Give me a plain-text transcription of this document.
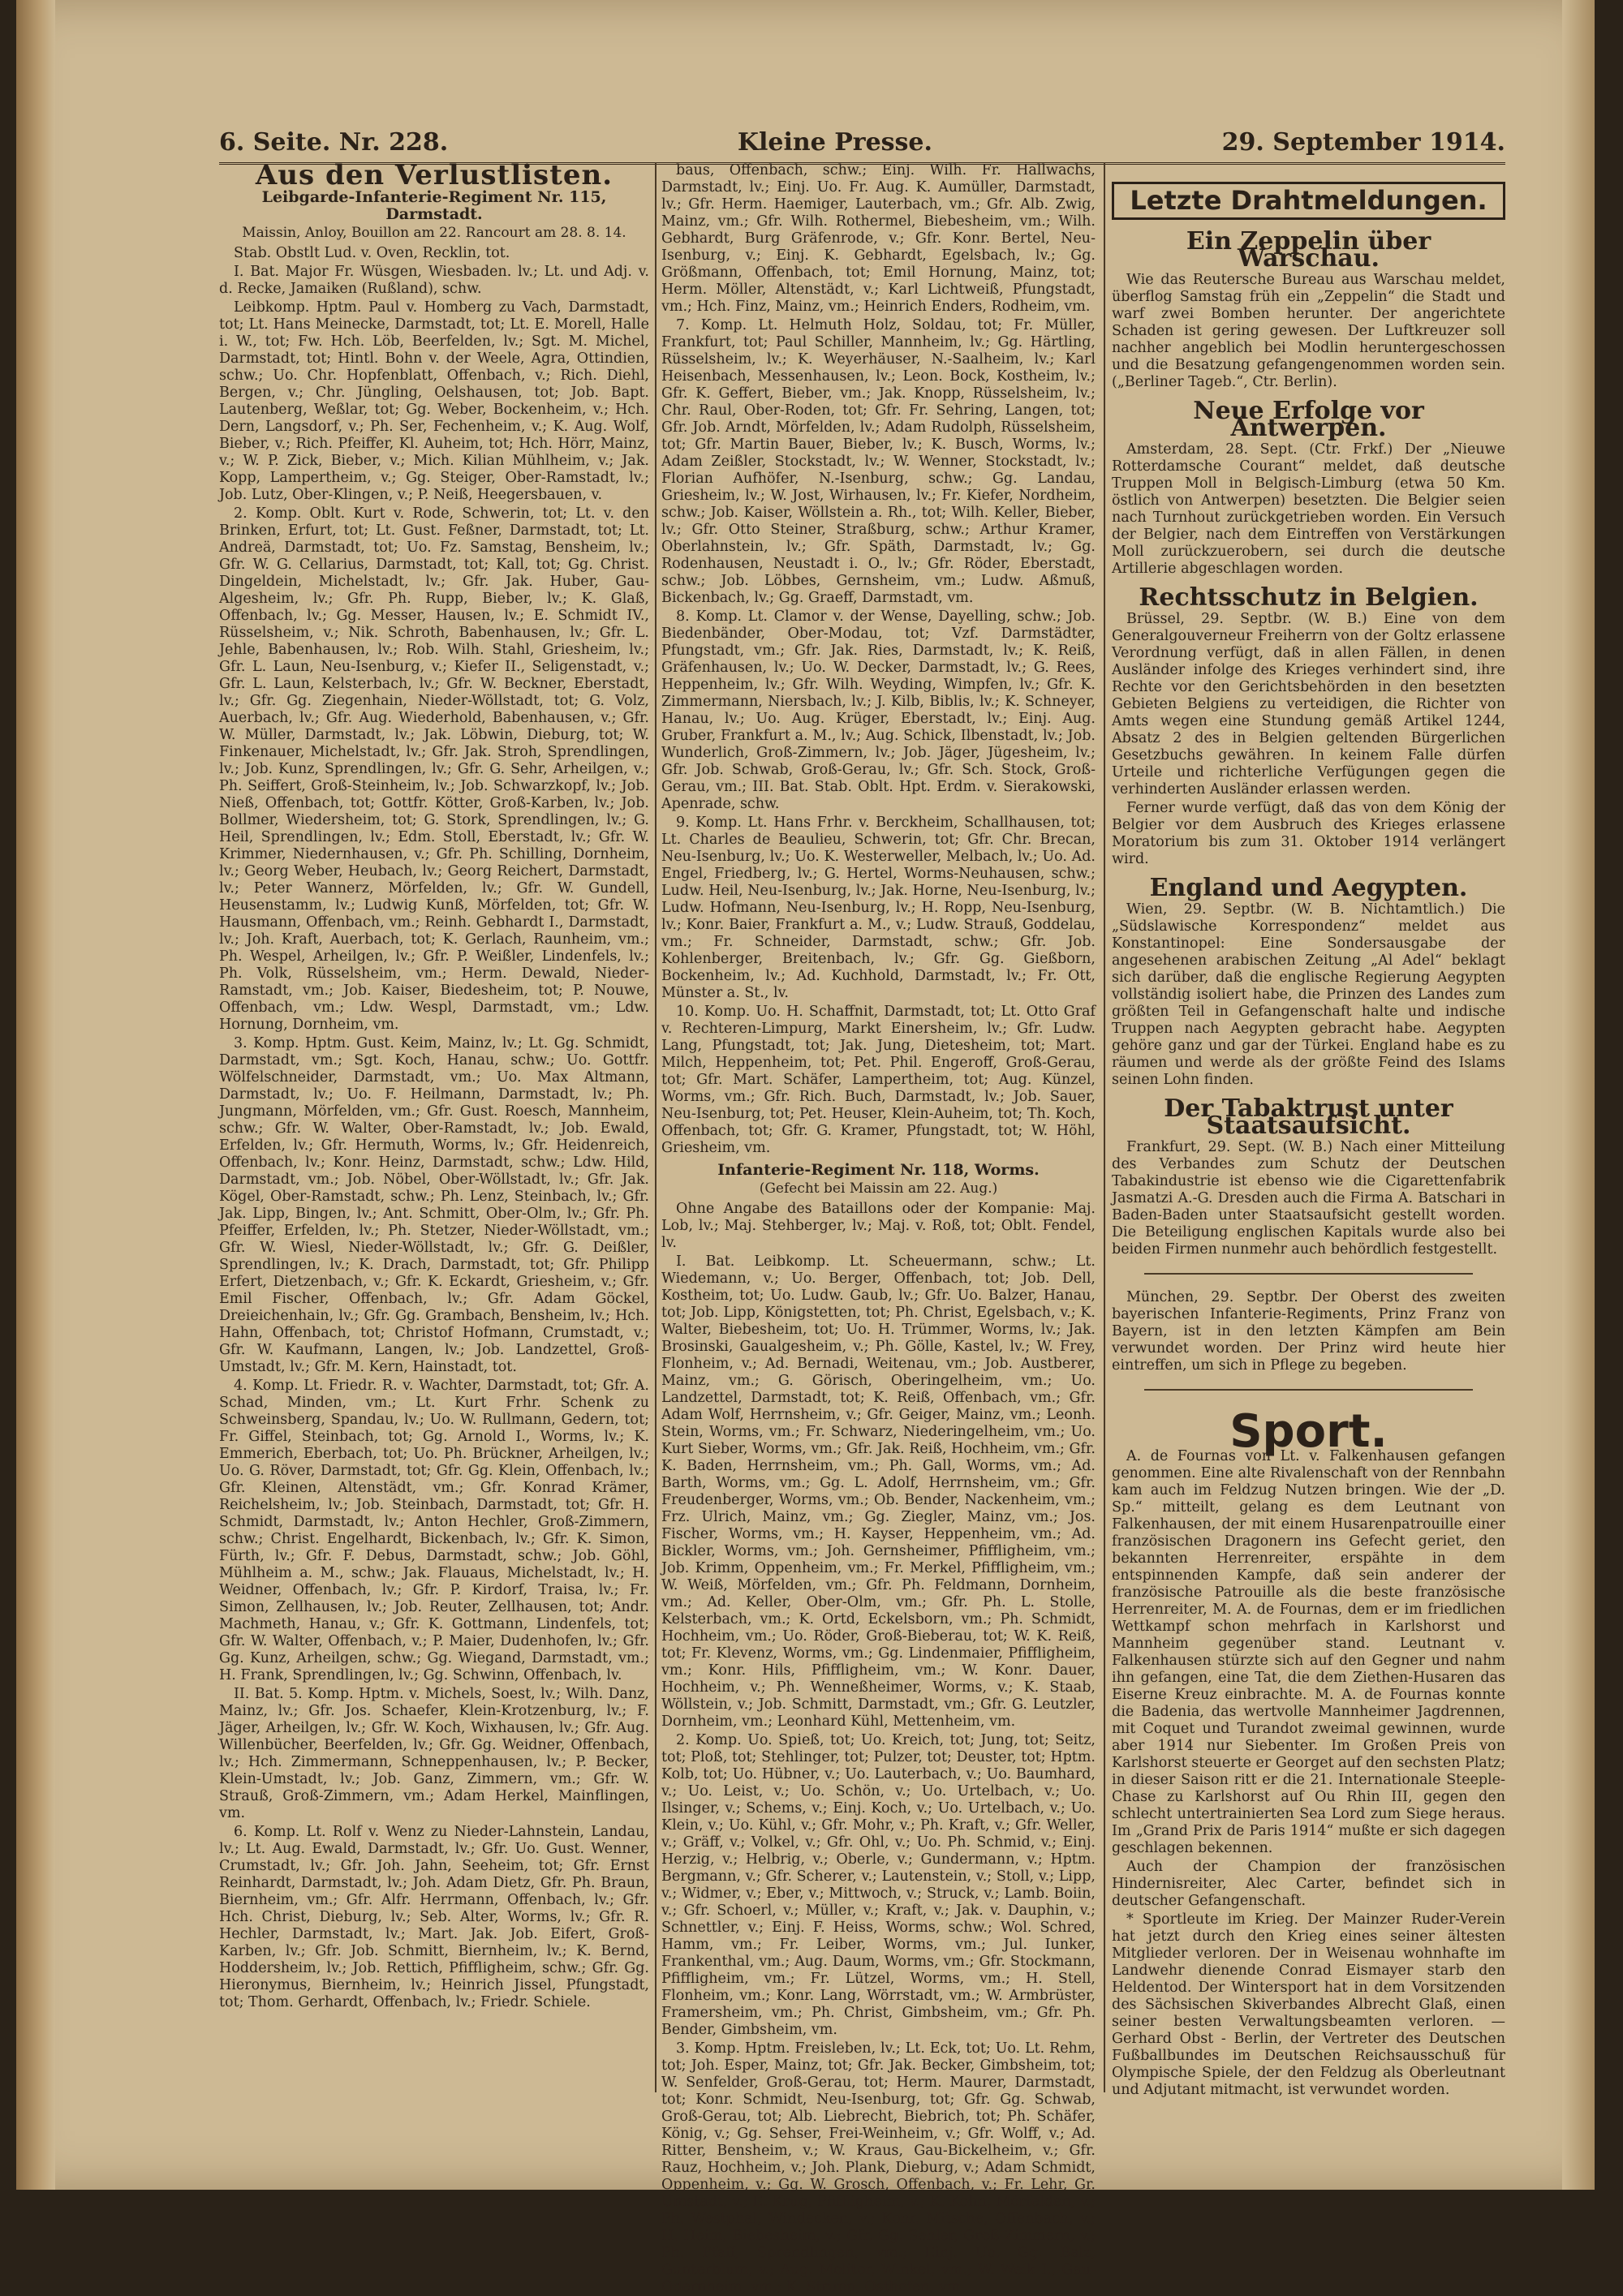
6. Seite. Nr. 228.	Kleine Presse.	29. September 1914.
Aus den Verlustlisten.
Leibgarde-Infanterie-Regiment Nr. 115, Darmstadt.
Maissin, Anloy, Bouillon am 22. Rancourt am 28. 8. 14.

Stab. Obstlt Lud. v. Oven, Recklin, tot.

I. Bat. Major Fr. Wüsgen, Wiesbaden. lv.; Lt. und Adj. v. d. Recke, Jamaiken (Rußland), schw.

Leibkomp. Hptm. Paul v. Homberg zu Vach, Darmstadt, tot; Lt. Hans Meinecke, Darmstadt, tot; Lt. E. Morell, Halle i. W., tot; Fw. Hch. Löb, Beerfelden, lv.; Sgt. M. Michel, Darmstadt, tot; Hintl. Bohn v. der Weele, Agra, Ottindien, schw.; Uo. Chr. Hopfenblatt, Offenbach, v.; Rich. Diehl, Bergen, v.; Chr. Jüngling, Oelshausen, tot; Job. Bapt. Lautenberg, Weßlar, tot; Gg. Weber, Bockenheim, v.; Hch. Dern, Langsdorf, v.; Ph. Ser, Fechenheim, v.; K. Aug. Wolf, Bieber, v.; Rich. Pfeiffer, Kl. Auheim, tot; Hch. Hörr, Mainz, v.; W. P. Zick, Bieber, v.; Mich. Kilian Mühlheim, v.; Jak. Kopp, Lampertheim, v.; Gg. Steiger, Ober-Ramstadt, lv.; Job. Lutz, Ober-Klingen, v.; P. Neiß, Heegersbauen, v.

2. Komp. Oblt. Kurt v. Rode, Schwerin, tot; Lt. v. den Brinken, Erfurt, tot; Lt. Gust. Feßner, Darmstadt, tot; Lt. Andreä, Darmstadt, tot; Uo. Fz. Samstag, Bensheim, lv.; Gfr. W. G. Cellarius, Darmstadt, tot; Kall, tot; Gg. Christ. Dingeldein, Michelstadt, lv.; Gfr. Jak. Huber, Gau-Algesheim, lv.; Gfr. Ph. Rupp, Bieber, lv.; K. Glaß, Offenbach, lv.; Gg. Messer, Hausen, lv.; E. Schmidt IV., Rüsselsheim, v.; Nik. Schroth, Babenhausen, lv.; Gfr. L. Jehle, Babenhausen, lv.; Rob. Wilh. Stahl, Griesheim, lv.; Gfr. L. Laun, Neu-Isenburg, v.; Kiefer II., Seligenstadt, v.; Gfr. L. Laun, Kelsterbach, lv.; Gfr. W. Beckner, Eberstadt, lv.; Gfr. Gg. Ziegenhain, Nieder-Wöllstadt, tot; G. Volz, Auerbach, lv.; Gfr. Aug. Wiederhold, Babenhausen, v.; Gfr. W. Müller, Darmstadt, lv.; Jak. Löbwin, Dieburg, tot; W. Finkenauer, Michelstadt, lv.; Gfr. Jak. Stroh, Sprendlingen, lv.; Job. Kunz, Sprendlingen, lv.; Gfr. G. Sehr, Arheilgen, v.; Ph. Seiffert, Groß-Steinheim, lv.; Job. Schwarzkopf, lv.; Job. Nieß, Offenbach, tot; Gottfr. Kötter, Groß-Karben, lv.; Job. Bollmer, Wiedersheim, tot; G. Stork, Sprendlingen, lv.; G. Heil, Sprendlingen, lv.; Edm. Stoll, Eberstadt, lv.; Gfr. W. Krimmer, Niedernhausen, v.; Gfr. Ph. Schilling, Dornheim, lv.; Georg Weber, Heubach, lv.; Georg Reichert, Darmstadt, lv.; Peter Wannerz, Mörfelden, lv.; Gfr. W. Gundell, Heusenstamm, lv.; Ludwig Kunß, Mörfelden, tot; Gfr. W. Hausmann, Offenbach, vm.; Reinh. Gebhardt I., Darmstadt, lv.; Joh. Kraft, Auerbach, tot; K. Gerlach, Raunheim, vm.; Ph. Wespel, Arheilgen, lv.; Gfr. P. Weißler, Lindenfels, lv.; Ph. Volk, Rüsselsheim, vm.; Herm. Dewald, Nieder-Ramstadt, vm.; Job. Kaiser, Biedesheim, tot; P. Nouwe, Offenbach, vm.; Ldw. Wespl, Darmstadt, vm.; Ldw. Hornung, Dornheim, vm.

3. Komp. Hptm. Gust. Keim, Mainz, lv.; Lt. Gg. Schmidt, Darmstadt, vm.; Sgt. Koch, Hanau, schw.; Uo. Gottfr. Wölfelschneider, Darmstadt, vm.; Uo. Max Altmann, Darmstadt, lv.; Uo. F. Heilmann, Darmstadt, lv.; Ph. Jungmann, Mörfelden, vm.; Gfr. Gust. Roesch, Mannheim, schw.; Gfr. W. Walter, Ober-Ramstadt, lv.; Job. Ewald, Erfelden, lv.; Gfr. Hermuth, Worms, lv.; Gfr. Heidenreich, Offenbach, lv.; Konr. Heinz, Darmstadt, schw.; Ldw. Hild, Darmstadt, vm.; Job. Nöbel, Ober-Wöllstadt, lv.; Gfr. Jak. Kögel, Ober-Ramstadt, schw.; Ph. Lenz, Steinbach, lv.; Gfr. Jak. Lipp, Bingen, lv.; Ant. Schmitt, Ober-Olm, lv.; Gfr. Ph. Pfeiffer, Erfelden, lv.; Ph. Stetzer, Nieder-Wöllstadt, vm.; Gfr. W. Wiesl, Nieder-Wöllstadt, lv.; Gfr. G. Deißler, Sprendlingen, lv.; K. Drach, Darmstadt, tot; Gfr. Philipp Erfert, Dietzenbach, v.; Gfr. K. Eckardt, Griesheim, v.; Gfr. Emil Fischer, Offenbach, lv.; Gfr. Adam Göckel, Dreieichenhain, lv.; Gfr. Gg. Grambach, Bensheim, lv.; Hch. Hahn, Offenbach, tot; Christof Hofmann, Crumstadt, v.; Gfr. W. Kaufmann, Langen, lv.; Job. Landzettel, Groß-Umstadt, lv.; Gfr. M. Kern, Hainstadt, tot.

4. Komp. Lt. Friedr. R. v. Wachter, Darmstadt, tot; Gfr. A. Schad, Minden, vm.; Lt. Kurt Frhr. Schenk zu Schweinsberg, Spandau, lv.; Uo. W. Rullmann, Gedern, tot; Fr. Giffel, Steinbach, tot; Gg. Arnold I., Worms, lv.; K. Emmerich, Eberbach, tot; Uo. Ph. Brückner, Arheilgen, lv.; Uo. G. Röver, Darmstadt, tot; Gfr. Gg. Klein, Offenbach, lv.; Gfr. Kleinen, Altenstädt, vm.; Gfr. Konrad Krämer, Reichelsheim, lv.; Job. Steinbach, Darmstadt, tot; Gfr. H. Schmidt, Darmstadt, lv.; Anton Hechler, Groß-Zimmern, schw.; Christ. Engelhardt, Bickenbach, lv.; Gfr. K. Simon, Fürth, lv.; Gfr. F. Debus, Darmstadt, schw.; Job. Göhl, Mühlheim a. M., schw.; Jak. Flauaus, Michelstadt, lv.; H. Weidner, Offenbach, lv.; Gfr. P. Kirdorf, Traisa, lv.; Fr. Simon, Zellhausen, lv.; Job. Reuter, Zellhausen, tot; Andr. Machmeth, Hanau, v.; Gfr. K. Gottmann, Lindenfels, tot; Gfr. W. Walter, Offenbach, v.; P. Maier, Dudenhofen, lv.; Gfr. Gg. Kunz, Arheilgen, schw.; Gg. Wiegand, Darmstadt, vm.; H. Frank, Sprendlingen, lv.; Gg. Schwinn, Offenbach, lv.

II. Bat. 5. Komp. Hptm. v. Michels, Soest, lv.; Wilh. Danz, Mainz, lv.; Gfr. Jos. Schaefer, Klein-Krotzenburg, lv.; F. Jäger, Arheilgen, lv.; Gfr. W. Koch, Wixhausen, lv.; Gfr. Aug. Willenbücher, Beerfelden, lv.; Gfr. Gg. Weidner, Offenbach, lv.; Hch. Zimmermann, Schneppenhausen, lv.; P. Becker, Klein-Umstadt, lv.; Job. Ganz, Zimmern, vm.; Gfr. W. Strauß, Groß-Zimmern, vm.; Adam Herkel, Mainflingen, vm.

6. Komp. Lt. Rolf v. Wenz zu Nieder-Lahnstein, Landau, lv.; Lt. Aug. Ewald, Darmstadt, lv.; Gfr. Uo. Gust. Wenner, Crumstadt, lv.; Gfr. Joh. Jahn, Seeheim, tot; Gfr. Ernst Reinhardt, Darmstadt, lv.; Joh. Adam Dietz, Gfr. Ph. Braun, Biernheim, vm.; Gfr. Alfr. Herrmann, Offenbach, lv.; Gfr. Hch. Christ, Dieburg, lv.; Seb. Alter, Worms, lv.; Gfr. R. Hechler, Darmstadt, lv.; Mart. Jak. Job. Eifert, Groß-Karben, lv.; Gfr. Job. Schmitt, Biernheim, lv.; K. Bernd, Hoddersheim, lv.; Job. Rettich, Pfiffligheim, schw.; Gfr. Gg. Hieronymus, Biernheim, lv.; Heinrich Jissel, Pfungstadt, tot; Thom. Gerhardt, Offenbach, lv.; Friedr. Schiele.

baus, Offenbach, schw.; Einj. Wilh. Fr. Hallwachs, Darmstadt, lv.; Einj. Uo. Fr. Aug. K. Aumüller, Darmstadt, lv.; Gfr. Herm. Haemiger, Lauterbach, vm.; Gfr. Alb. Zwig, Mainz, vm.; Gfr. Wilh. Rothermel, Biebesheim, vm.; Wilh. Gebhardt, Burg Gräfenrode, v.; Gfr. Konr. Bertel, Neu-Isenburg, v.; Einj. K. Gebhardt, Egelsbach, lv.; Gg. Größmann, Offenbach, tot; Emil Hornung, Mainz, tot; Herm. Möller, Altenstädt, v.; Karl Lichtweiß, Pfungstadt, vm.; Hch. Finz, Mainz, vm.; Heinrich Enders, Rodheim, vm.

7. Komp. Lt. Helmuth Holz, Soldau, tot; Fr. Müller, Frankfurt, tot; Paul Schiller, Mannheim, lv.; Gg. Härtling, Rüsselsheim, lv.; K. Weyerhäuser, N.-Saalheim, lv.; Karl Heisenbach, Messenhausen, lv.; Leon. Bock, Kostheim, lv.; Gfr. K. Geffert, Bieber, vm.; Jak. Knopp, Rüsselsheim, lv.; Chr. Raul, Ober-Roden, tot; Gfr. Fr. Sehring, Langen, tot; Gfr. Job. Arndt, Mörfelden, lv.; Adam Rudolph, Rüsselsheim, tot; Gfr. Martin Bauer, Bieber, lv.; K. Busch, Worms, lv.; Adam Zeißler, Stockstadt, lv.; W. Wenner, Stockstadt, lv.; Florian Aufhöfer, N.-Isenburg, schw.; Gg. Landau, Griesheim, lv.; W. Jost, Wirhausen, lv.; Fr. Kiefer, Nordheim, schw.; Job. Kaiser, Wöllstein a. Rh., tot; Wilh. Keller, Bieber, lv.; Gfr. Otto Steiner, Straßburg, schw.; Arthur Kramer, Oberlahnstein, lv.; Gfr. Späth, Darmstadt, lv.; Gg. Rodenhausen, Neustadt i. O., lv.; Gfr. Röder, Eberstadt, schw.; Job. Löbbes, Gernsheim, vm.; Ludw. Aßmuß, Bickenbach, lv.; Gg. Graeff, Darmstadt, vm.

8. Komp. Lt. Clamor v. der Wense, Dayelling, schw.; Job. Biedenbänder, Ober-Modau, tot; Vzf. Darmstädter, Pfungstadt, vm.; Gfr. Jak. Ries, Darmstadt, lv.; K. Reiß, Gräfenhausen, lv.; Uo. W. Decker, Darmstadt, lv.; G. Rees, Heppenheim, lv.; Gfr. Wilh. Weyding, Wimpfen, lv.; Gfr. K. Zimmermann, Niersbach, lv.; J. Kilb, Biblis, lv.; K. Schneyer, Hanau, lv.; Uo. Aug. Krüger, Eberstadt, lv.; Einj. Aug. Gruber, Frankfurt a. M., lv.; Aug. Schick, Ilbenstadt, lv.; Job. Wunderlich, Groß-Zimmern, lv.; Job. Jäger, Jügesheim, lv.; Gfr. Job. Schwab, Groß-Gerau, lv.; Gfr. Sch. Stock, Groß-Gerau, vm.; III. Bat. Stab. Oblt. Hpt. Erdm. v. Sierakowski, Apenrade, schw.

9. Komp. Lt. Hans Frhr. v. Berckheim, Schallhausen, tot; Lt. Charles de Beaulieu, Schwerin, tot; Gfr. Chr. Brecan, Neu-Isenburg, lv.; Uo. K. Westerweller, Melbach, lv.; Uo. Ad. Engel, Friedberg, lv.; G. Hertel, Worms-Neuhausen, schw.; Ludw. Heil, Neu-Isenburg, lv.; Jak. Horne, Neu-Isenburg, lv.; Ludw. Hofmann, Neu-Isenburg, lv.; H. Ropp, Neu-Isenburg, lv.; Konr. Baier, Frankfurt a. M., v.; Ludw. Strauß, Goddelau, vm.; Fr. Schneider, Darmstadt, schw.; Gfr. Job. Kohlenberger, Breitenbach, lv.; Gfr. Gg. Gießborn, Bockenheim, lv.; Ad. Kuchhold, Darmstadt, lv.; Fr. Ott, Münster a. St., lv.

10. Komp. Uo. H. Schaffnit, Darmstadt, tot; Lt. Otto Graf v. Rechteren-Limpurg, Markt Einersheim, lv.; Gfr. Ludw. Lang, Pfungstadt, tot; Jak. Jung, Dietesheim, tot; Mart. Milch, Heppenheim, tot; Pet. Phil. Engeroff, Groß-Gerau, tot; Gfr. Mart. Schäfer, Lampertheim, tot; Aug. Künzel, Worms, vm.; Gfr. Rich. Buch, Darmstadt, lv.; Job. Sauer, Neu-Isenburg, tot; Pet. Heuser, Klein-Auheim, tot; Th. Koch, Offenbach, tot; Gfr. G. Kramer, Pfungstadt, tot; W. Höhl, Griesheim, vm.

Infanterie-Regiment Nr. 118, Worms.
(Gefecht bei Maissin am 22. Aug.)

Ohne Angabe des Bataillons oder der Kompanie: Maj. Lob, lv.; Maj. Stehberger, lv.; Maj. v. Roß, tot; Oblt. Fendel, lv.

I. Bat. Leibkomp. Lt. Scheuermann, schw.; Lt. Wiedemann, v.; Uo. Berger, Offenbach, tot; Job. Dell, Kostheim, tot; Uo. Ludw. Gaub, lv.; Gfr. Uo. Balzer, Hanau, tot; Job. Lipp, Königstetten, tot; Ph. Christ, Egelsbach, v.; K. Walter, Biebesheim, tot; Uo. H. Trümmer, Worms, lv.; Jak. Brosinski, Gaualgesheim, v.; Ph. Gölle, Kastel, lv.; W. Frey, Flonheim, v.; Ad. Bernadi, Weitenau, vm.; Job. Austberer, Mainz, vm.; G. Görisch, Oberingelheim, vm.; Uo. Landzettel, Darmstadt, tot; K. Reiß, Offenbach, vm.; Gfr. Adam Wolf, Herrnsheim, v.; Gfr. Geiger, Mainz, vm.; Leonh. Stein, Worms, vm.; Fr. Schwarz, Niederingelheim, vm.; Uo. Kurt Sieber, Worms, vm.; Gfr. Jak. Reiß, Hochheim, vm.; Gfr. K. Baden, Herrnsheim, vm.; Ph. Gall, Worms, vm.; Ad. Barth, Worms, vm.; Gg. L. Adolf, Herrnsheim, vm.; Gfr. Freudenberger, Worms, vm.; Ob. Bender, Nackenheim, vm.; Frz. Ulrich, Mainz, vm.; Gg. Ziegler, Mainz, vm.; Jos. Fischer, Worms, vm.; H. Kayser, Heppenheim, vm.; Ad. Bickler, Worms, vm.; Joh. Gernsheimer, Pfiffligheim, vm.; Job. Krimm, Oppenheim, vm.; Fr. Merkel, Pfiffligheim, vm.; W. Weiß, Mörfelden, vm.; Gfr. Ph. Feldmann, Dornheim, vm.; Ad. Keller, Ober-Olm, vm.; Gfr. Ph. L. Stolle, Kelsterbach, vm.; K. Ortd, Eckelsborn, vm.; Ph. Schmidt, Hochheim, vm.; Uo. Röder, Groß-Bieberau, tot; W. K. Reiß, tot; Fr. Klevenz, Worms, vm.; Gg. Lindenmaier, Pfiffligheim, vm.; Konr. Hils, Pfiffligheim, vm.; W. Konr. Dauer, Hochheim, v.; Ph. Wenneßheimer, Worms, v.; K. Staab, Wöllstein, v.; Job. Schmitt, Darmstadt, vm.; Gfr. G. Leutzler, Dornheim, vm.; Leonhard Kühl, Mettenheim, vm.

2. Komp. Uo. Spieß, tot; Uo. Kreich, tot; Jung, tot; Seitz, tot; Ploß, tot; Stehlinger, tot; Pulzer, tot; Deuster, tot; Hptm. Kolb, tot; Uo. Hübner, v.; Uo. Lauterbach, v.; Uo. Baumhard, v.; Uo. Leist, v.; Uo. Schön, v.; Uo. Urtelbach, v.; Uo. Ilsinger, v.; Schems, v.; Einj. Koch, v.; Uo. Urtelbach, v.; Uo. Klein, v.; Uo. Kühl, v.; Gfr. Mohr, v.; Ph. Kraft, v.; Gfr. Weller, v.; Gräff, v.; Volkel, v.; Gfr. Ohl, v.; Uo. Ph. Schmid, v.; Einj. Herzig, v.; Helbrig, v.; Oberle, v.; Gundermann, v.; Hptm. Bergmann, v.; Gfr. Scherer, v.; Lautenstein, v.; Stoll, v.; Lipp, v.; Widmer, v.; Eber, v.; Mittwoch, v.; Struck, v.; Lamb. Boiin, v.; Gfr. Schoerl, v.; Müller, v.; Kraft, v.; Jak. v. Dauphin, v.; Schnettler, v.; Einj. F. Heiss, Worms, schw.; Wol. Schred, Hamm, vm.; Fr. Leiber, Worms, vm.; Jul. Iunker, Frankenthal, vm.; Aug. Daum, Worms, vm.; Gfr. Stockmann, Pfiffligheim, vm.; Fr. Lützel, Worms, vm.; H. Stell, Flonheim, vm.; Konr. Lang, Wörrstadt, vm.; W. Armbrüster, Framersheim, vm.; Ph. Christ, Gimbsheim, vm.; Gfr. Ph. Bender, Gimbsheim, vm.

3. Komp. Hptm. Freisleben, lv.; Lt. Eck, tot; Uo. Lt. Rehm, tot; Joh. Esper, Mainz, tot; Gfr. Jak. Becker, Gimbsheim, tot; W. Senfelder, Groß-Gerau, tot; Herm. Maurer, Darmstadt, tot; Konr. Schmidt, Neu-Isenburg, tot; Gfr. Gg. Schwab, Groß-Gerau, tot; Alb. Liebrecht, Biebrich, tot; Ph. Schäfer, König, v.; Gg. Sehser, Frei-Weinheim, v.; Gfr. Wolff, v.; Ad. Ritter, Bensheim, v.; W. Kraus, Gau-Bickelheim, v.; Gfr. Rauz, Hochheim, v.; Joh. Plank, Dieburg, v.; Adam Schmidt, Oppenheim, v.; Gg. W. Grosch, Offenbach, v.; Fr. Lehr, Gr. Umstadt, v.; E. Krug, Pfiffligheim, v.; K. Kohn, Mörfelden, v.; Ph. Westphal, Windecken, v.; Konr. Mitsche, Offenbach, v.; H. Heim, Biebesheim, v.; Gfr. Gg. Sehler, Groß-Zimmern, v.; Ph. Pfaff, Sprendlingen, vm.; Einj. Uo. Gg. Balz, Gunterblum, v.; Aug. Molitor, Winkel, vm.; W. Weik I., Gau-Odernheim, vm.; K. Strupp, Osthofen, vm.

Letzte Drahtmeldungen.
Ein Zeppelin über Warschau.

Wie das Reutersche Bureau aus Warschau meldet, überflog Samstag früh ein „Zeppelin“ die Stadt und warf zwei Bomben herunter. Der angerichtete Schaden ist gering gewesen. Der Luftkreuzer soll nachher angeblich bei Modlin heruntergeschossen und die Besatzung gefangengenommen worden sein. („Berliner Tageb.“, Ctr. Berlin).

Neue Erfolge vor Antwerpen.

Amsterdam, 28. Sept. (Ctr. Frkf.) Der „Nieuwe Rotterdamsche Courant“ meldet, daß deutsche Truppen Moll in Belgisch-Limburg (etwa 50 Km. östlich von Antwerpen) besetzten. Die Belgier seien nach Turnhout zurückgetrieben worden. Ein Versuch der Belgier, nach dem Eintreffen von Verstärkungen Moll zurückzuerobern, sei durch die deutsche Artillerie abgeschlagen worden.

Rechtsschutz in Belgien.

Brüssel, 29. Septbr. (W. B.) Eine von dem Generalgouverneur Freiherrn von der Goltz erlassene Verordnung verfügt, daß in allen Fällen, in denen Ausländer infolge des Krieges verhindert sind, ihre Rechte vor den Gerichtsbehörden in den besetzten Gebieten Belgiens zu verteidigen, die Richter von Amts wegen eine Stundung gemäß Artikel 1244, Absatz 2 des in Belgien geltenden Bürgerlichen Gesetzbuchs gewähren. In keinem Falle dürfen Urteile und richterliche Verfügungen gegen die verhinderten Ausländer erlassen werden.

Ferner wurde verfügt, daß das von dem König der Belgier vor dem Ausbruch des Krieges erlassene Moratorium bis zum 31. Oktober 1914 verlängert wird.

England und Aegypten.

Wien, 29. Septbr. (W. B. Nichtamtlich.) Die „Südslawische Korrespondenz“ meldet aus Konstantinopel: Eine Sondersausgabe der angesehenen arabischen Zeitung „Al Adel“ beklagt sich darüber, daß die englische Regierung Aegypten vollständig isoliert habe, die Prinzen des Landes zum größten Teil in Gefangenschaft halte und indische Truppen nach Aegypten gebracht habe. Aegypten gehöre ganz und gar der Türkei. England habe es zu räumen und werde als der größte Feind des Islams seinen Lohn finden.

Der Tabaktrust unter Staatsaufsicht.

Frankfurt, 29. Sept. (W. B.) Nach einer Mitteilung des Verbandes zum Schutz der Deutschen Tabakindustrie ist ebenso wie die Cigarettenfabrik Jasmatzi A.-G. Dresden auch die Firma A. Batschari in Baden-Baden unter Staatsaufsicht gestellt worden. Die Beteiligung englischen Kapitals wurde also bei beiden Firmen nunmehr auch behördlich festgestellt.

München, 29. Septbr. Der Oberst des zweiten bayerischen Infanterie-Regiments, Prinz Franz von Bayern, ist in den letzten Kämpfen am Bein verwundet worden. Der Prinz wird heute hier eintreffen, um sich in Pflege zu begeben.

Sport.

A. de Fournas von Lt. v. Falkenhausen gefangen genommen. Eine alte Rivalenschaft von der Rennbahn kam auch im Feldzug Nutzen bringen. Wie der „D. Sp.“ mitteilt, gelang es dem Leutnant von Falkenhausen, der mit einem Husarenpatrouille einer französischen Dragonern ins Gefecht geriet, den bekannten Herrenreiter, erspähte in dem entspinnenden Kampfe, daß sein anderer der französische Patrouille als die beste französische Herrenreiter, M. A. de Fournas, dem er im friedlichen Wettkampf schon mehrfach in Karlshorst und Mannheim gegenüber stand. Leutnant v. Falkenhausen stürzte sich auf den Gegner und nahm ihn gefangen, eine Tat, die dem Ziethen-Husaren das Eiserne Kreuz einbrachte. M. A. de Fournas konnte die Badenia, das wertvolle Mannheimer Jagdrennen, mit Coquet und Turandot zweimal gewinnen, wurde aber 1914 nur Siebenter. Im Großen Preis von Karlshorst steuerte er Georget auf den sechsten Platz; in dieser Saison ritt er die 21. Internationale Steeple-Chase zu Karlshorst auf Ou Rhin III, gegen den schlecht untertrainierten Sea Lord zum Siege heraus. Im „Grand Prix de Paris 1914“ mußte er sich dagegen geschlagen bekennen.

Auch der Champion der französischen Hindernisreiter, Alec Carter, befindet sich in deutscher Gefangenschaft.

* Sportleute im Krieg. Der Mainzer Ruder-Verein hat jetzt durch den Krieg eines seiner ältesten Mitglieder verloren. Der in Weisenau wohnhafte im Landwehr dienende Conrad Eismayer starb den Heldentod. Der Wintersport hat in dem Vorsitzenden des Sächsischen Skiverbandes Albrecht Glaß, einen seiner besten Verwaltungsbeamten verloren. — Gerhard Obst - Berlin, der Vertreter des Deutschen Fußballbundes im Deutschen Reichsausschuß für Olympische Spiele, der den Feldzug als Oberleutnant und Adjutant mitmacht, ist verwundet worden.
